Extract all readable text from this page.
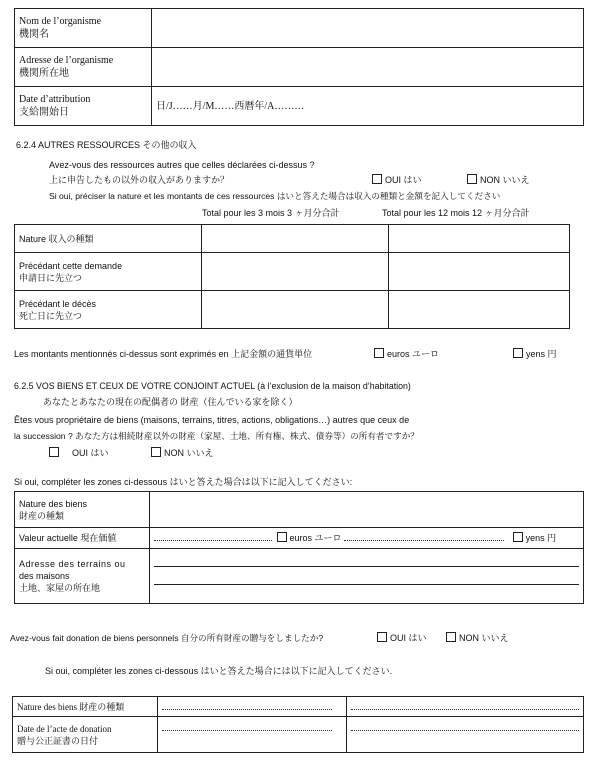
Nom de l’organisme
機関名	

Adresse de l’organisme
機関所在地	

Date d’attribution
支給開始日	日/J……月/M……西暦年/A………
6.2.4 AUTRES RESSOURCES その他の収入
Avez-vous des ressources autres que celles déclarées ci-dessus ?
上に申告したもの以外の収入がありますか？	OUI はい	NON いいえ
Si oui, préciser la nature et les montants de ces ressources はいと答えた場合は収入の種類と金額を記入してください
Total pour les 3 mois 3 ヶ月分合計	Total pour les 12 mois 12 ヶ月分合計
Nature 収入の種類		

Précédant cette demande
申請日に先立つ		

Précédant le décès
死亡日に先立つ		

Les montants mentionnés ci-dessus sont exprimés en 上記金額の通貨単位	euros ユーロ	yens 円
6.2.5 VOS BIENS ET CEUX DE VOTRE CONJOINT ACTUEL (à l’exclusion de la maison d’habitation)
あなたとあなたの現在の配偶者の 財産（住んでいる家を除く）
Êtes vous propriétaire de biens (maisons, terrains, titres, actions, obligations…) autres que ceux de
la succession ? あなた方は相続財産以外の財産（家屋、土地、所有権、株式、債券等）の所有者ですか？
OUI はい	NON いいえ
Si oui, compléter les zones ci-dessous はいと答えた場合は以下に記入してください:
Nature des biens
財産の種類	

Valeur actuelle 現在価値	euros ユーロ yens 円

Adresse des terrains ou
des maisons
土地、家屋の所在地	

Avez-vous fait donation de biens personnels 自分の所有財産の贈与をしましたか?	OUI はい	NON いいえ
Si oui, compléter les zones ci-dessous はいと答えた場合には以下に記入してください.
Nature des biens 財産の種類		

Date de l’acte de donation
贈与公正証書の日付		
